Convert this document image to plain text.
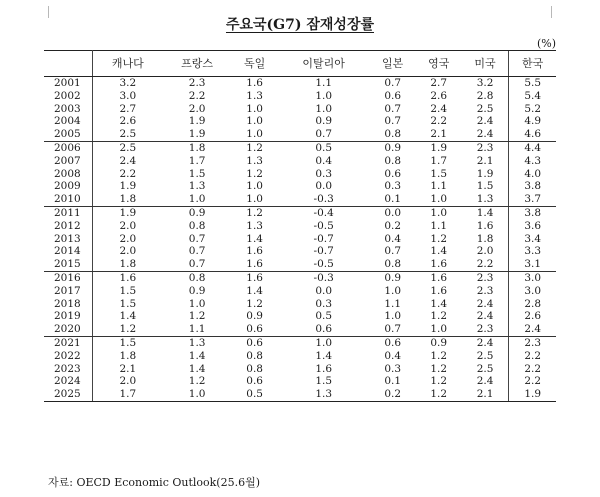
주요국(G7) 잠재성장률
(%)
	캐나다	프랑스	독일	이탈리아	일본	영국	미국	한국
2001	3.2	2.3	1.6	1.1	0.7	2.7	3.2	5.5
2002	3.0	2.2	1.3	1.0	0.6	2.6	2.8	5.4
2003	2.7	2.0	1.0	1.0	0.7	2.4	2.5	5.2
2004	2.6	1.9	1.0	0.9	0.7	2.2	2.4	4.9
2005	2.5	1.9	1.0	0.7	0.8	2.1	2.4	4.6
2006	2.5	1.8	1.2	0.5	0.9	1.9	2.3	4.4
2007	2.4	1.7	1.3	0.4	0.8	1.7	2.1	4.3
2008	2.2	1.5	1.2	0.3	0.6	1.5	1.9	4.0
2009	1.9	1.3	1.0	0.0	0.3	1.1	1.5	3.8
2010	1.8	1.0	1.0	-0.3	0.1	1.0	1.3	3.7
2011	1.9	0.9	1.2	-0.4	0.0	1.0	1.4	3.8
2012	2.0	0.8	1.3	-0.5	0.2	1.1	1.6	3.6
2013	2.0	0.7	1.4	-0.7	0.4	1.2	1.8	3.4
2014	2.0	0.7	1.6	-0.7	0.7	1.4	2.0	3.3
2015	1.8	0.7	1.6	-0.5	0.8	1.6	2.2	3.1
2016	1.6	0.8	1.6	-0.3	0.9	1.6	2.3	3.0
2017	1.5	0.9	1.4	0.0	1.0	1.6	2.3	3.0
2018	1.5	1.0	1.2	0.3	1.1	1.4	2.4	2.8
2019	1.4	1.2	0.9	0.5	1.0	1.2	2.4	2.6
2020	1.2	1.1	0.6	0.6	0.7	1.0	2.3	2.4
2021	1.5	1.3	0.6	1.0	0.6	0.9	2.4	2.3
2022	1.8	1.4	0.8	1.4	0.4	1.2	2.5	2.2
2023	2.1	1.4	0.8	1.6	0.3	1.2	2.5	2.2
2024	2.0	1.2	0.6	1.5	0.1	1.2	2.4	2.2
2025	1.7	1.0	0.5	1.3	0.2	1.2	2.1	1.9
자료: OECD Economic Outlook(25.6월)
